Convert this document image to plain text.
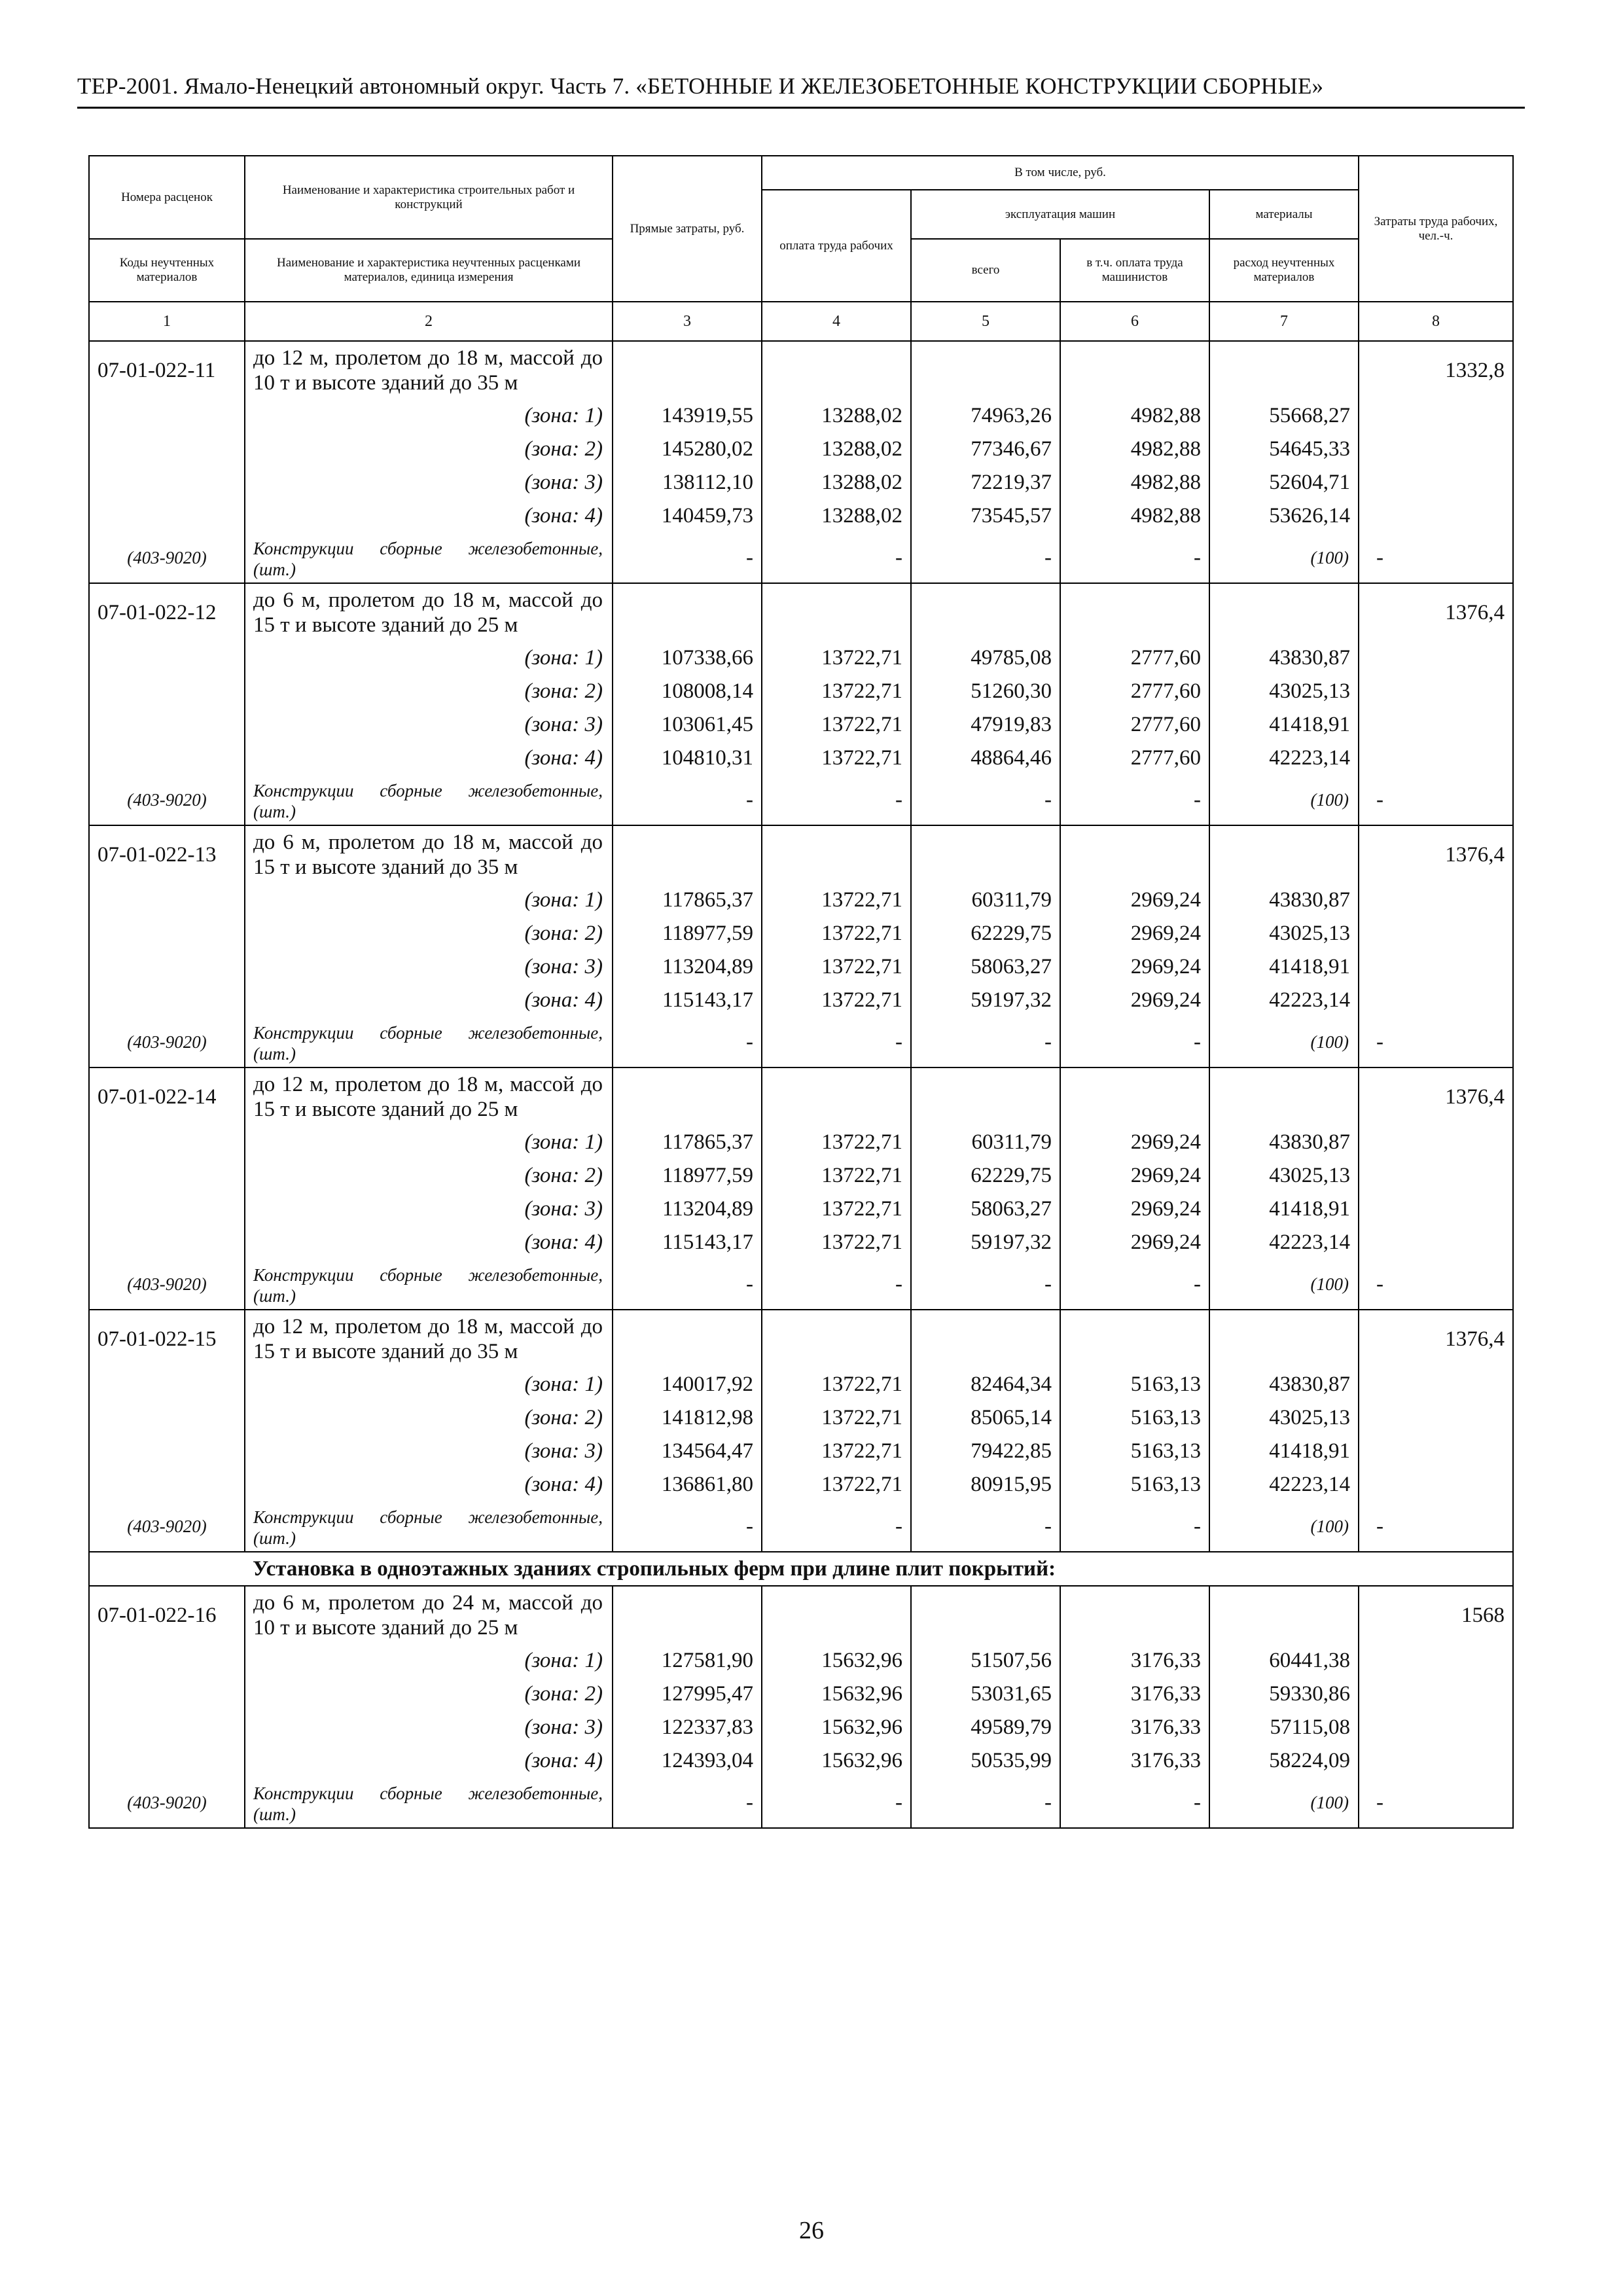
ТЕР-2001. Ямало-Ненецкий автономный округ. Часть 7. «БЕТОННЫЕ И ЖЕЛЕЗОБЕТОННЫЕ КОНСТРУКЦИИ СБОРНЫЕ»
Номера расценок	Наименование и характеристика строительных работ и конструкций	Прямые затраты, руб.	В том числе, руб.				Затраты труда рабочих, чел.-ч.
			оплата труда рабочих	эксплуатация машин		материалы	
Коды неучтенных материалов	Наименование и характеристика неучтенных расценками материалов, единица измерения			всего	в т.ч. оплата труда машинистов	расход неучтенных материалов	
1	2	3	4	5	6	7	8
07-01-022-11	до 12 м, пролетом до 18 м, массой до 10 т и высоте зданий до 35 м						1332,8
	(зона: 1)	143919,55	13288,02	74963,26	4982,88	55668,27	
	(зона: 2)	145280,02	13288,02	77346,67	4982,88	54645,33	
	(зона: 3)	138112,10	13288,02	72219,37	4982,88	52604,71	
	(зона: 4)	140459,73	13288,02	73545,57	4982,88	53626,14	
(403-9020)	Конструкции сборные железобетонные, (шт.)	-	-	-	-	(100)	-
07-01-022-12	до 6 м, пролетом до 18 м, массой до 15 т и высоте зданий до 25 м						1376,4
	(зона: 1)	107338,66	13722,71	49785,08	2777,60	43830,87	
	(зона: 2)	108008,14	13722,71	51260,30	2777,60	43025,13	
	(зона: 3)	103061,45	13722,71	47919,83	2777,60	41418,91	
	(зона: 4)	104810,31	13722,71	48864,46	2777,60	42223,14	
(403-9020)	Конструкции сборные железобетонные, (шт.)	-	-	-	-	(100)	-
07-01-022-13	до 6 м, пролетом до 18 м, массой до 15 т и высоте зданий до 35 м						1376,4
	(зона: 1)	117865,37	13722,71	60311,79	2969,24	43830,87	
	(зона: 2)	118977,59	13722,71	62229,75	2969,24	43025,13	
	(зона: 3)	113204,89	13722,71	58063,27	2969,24	41418,91	
	(зона: 4)	115143,17	13722,71	59197,32	2969,24	42223,14	
(403-9020)	Конструкции сборные железобетонные, (шт.)	-	-	-	-	(100)	-
07-01-022-14	до 12 м, пролетом до 18 м, массой до 15 т и высоте зданий до 25 м						1376,4
	(зона: 1)	117865,37	13722,71	60311,79	2969,24	43830,87	
	(зона: 2)	118977,59	13722,71	62229,75	2969,24	43025,13	
	(зона: 3)	113204,89	13722,71	58063,27	2969,24	41418,91	
	(зона: 4)	115143,17	13722,71	59197,32	2969,24	42223,14	
(403-9020)	Конструкции сборные железобетонные, (шт.)	-	-	-	-	(100)	-
07-01-022-15	до 12 м, пролетом до 18 м, массой до 15 т и высоте зданий до 35 м						1376,4
	(зона: 1)	140017,92	13722,71	82464,34	5163,13	43830,87	
	(зона: 2)	141812,98	13722,71	85065,14	5163,13	43025,13	
	(зона: 3)	134564,47	13722,71	79422,85	5163,13	41418,91	
	(зона: 4)	136861,80	13722,71	80915,95	5163,13	42223,14	
(403-9020)	Конструкции сборные железобетонные, (шт.)	-	-	-	-	(100)	-
	Установка в одноэтажных зданиях стропильных ферм при длине плит покрытий:						
07-01-022-16	до 6 м, пролетом до 24 м, массой до 10 т и высоте зданий до 25 м						1568
	(зона: 1)	127581,90	15632,96	51507,56	3176,33	60441,38	
	(зона: 2)	127995,47	15632,96	53031,65	3176,33	59330,86	
	(зона: 3)	122337,83	15632,96	49589,79	3176,33	57115,08	
	(зона: 4)	124393,04	15632,96	50535,99	3176,33	58224,09	
(403-9020)	Конструкции сборные железобетонные, (шт.)	-	-	-	-	(100)	-
26
